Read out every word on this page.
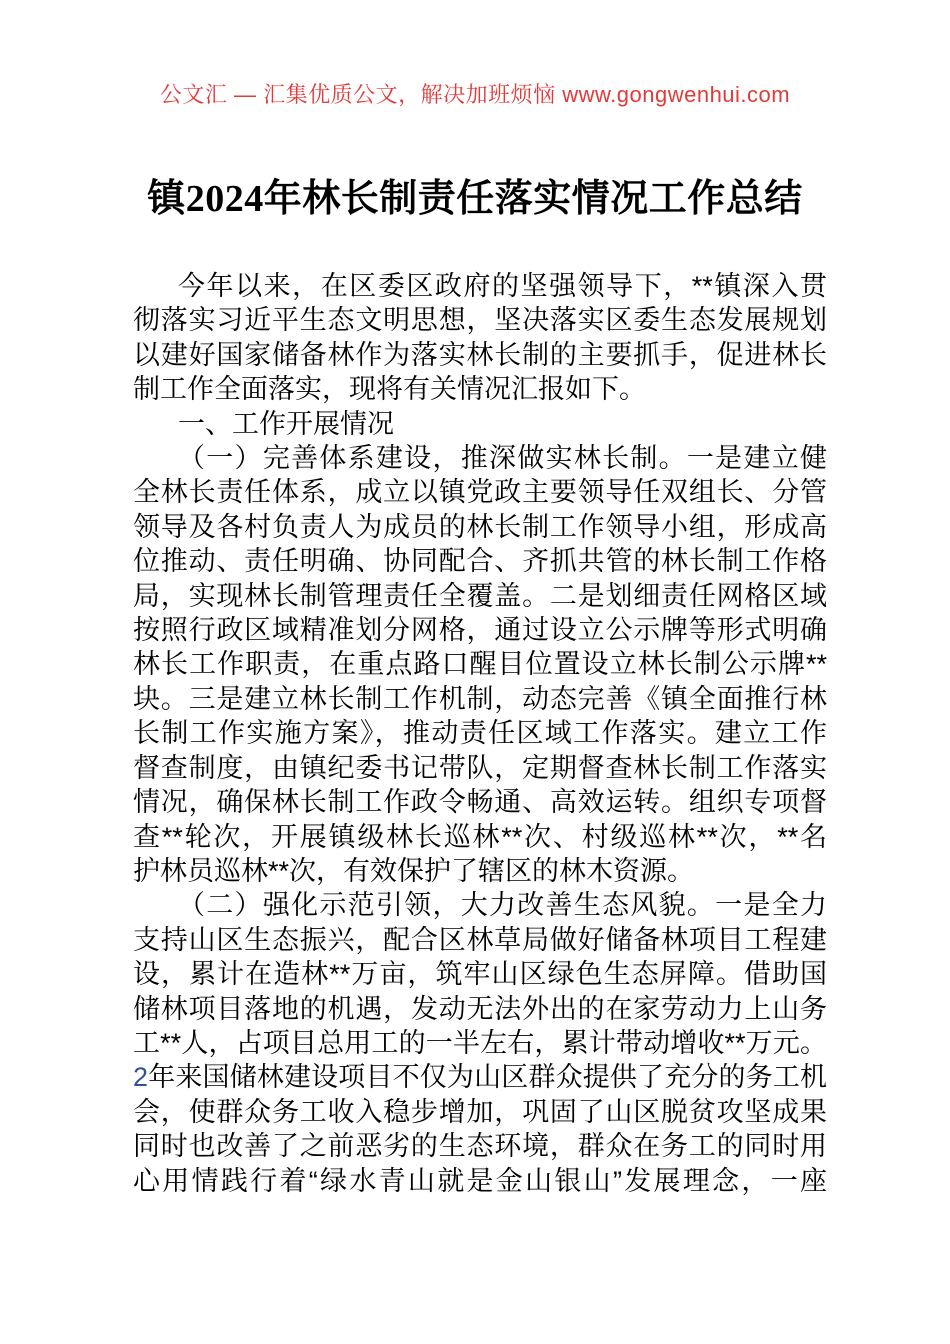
公文汇 — 汇集优质公文，解决加班烦恼 www.gongwenhui.com
镇2024年林长制责任落实情况工作总结
今年以来，在区委区政府的坚强领导下，**镇深入贯
彻落实习近平生态文明思想，坚决落实区委生态发展规划
以建好国家储备林作为落实林长制的主要抓手，促进林长
制工作全面落实，现将有关情况汇报如下。
一、工作开展情况
（一）完善体系建设，推深做实林长制。一是建立健
全林长责任体系，成立以镇党政主要领导任双组长、分管
领导及各村负责人为成员的林长制工作领导小组，形成高
位推动、责任明确、协同配合、齐抓共管的林长制工作格
局，实现林长制管理责任全覆盖。二是划细责任网格区域
按照行政区域精准划分网格，通过设立公示牌等形式明确
林长工作职责，在重点路口醒目位置设立林长制公示牌**
块。三是建立林长制工作机制，动态完善《镇全面推行林
长制工作实施方案》，推动责任区域工作落实。建立工作
督查制度，由镇纪委书记带队，定期督查林长制工作落实
情况，确保林长制工作政令畅通、高效运转。组织专项督
查**轮次，开展镇级林长巡林**次、村级巡林**次，**名
护林员巡林**次，有效保护了辖区的林木资源。
（二）强化示范引领，大力改善生态风貌。一是全力
支持山区生态振兴，配合区林草局做好储备林项目工程建
设，累计在造林**万亩，筑牢山区绿色生态屏障。借助国
储林项目落地的机遇，发动无法外出的在家劳动力上山务
工**人，占项目总用工的一半左右，累计带动增收**万元。
2年来国储林建设项目不仅为山区群众提供了充分的务工机
会，使群众务工收入稳步增加，巩固了山区脱贫攻坚成果
同时也改善了之前恶劣的生态环境，群众在务工的同时用
心用情践行着“绿水青山就是金山银山”发展理念，一座
